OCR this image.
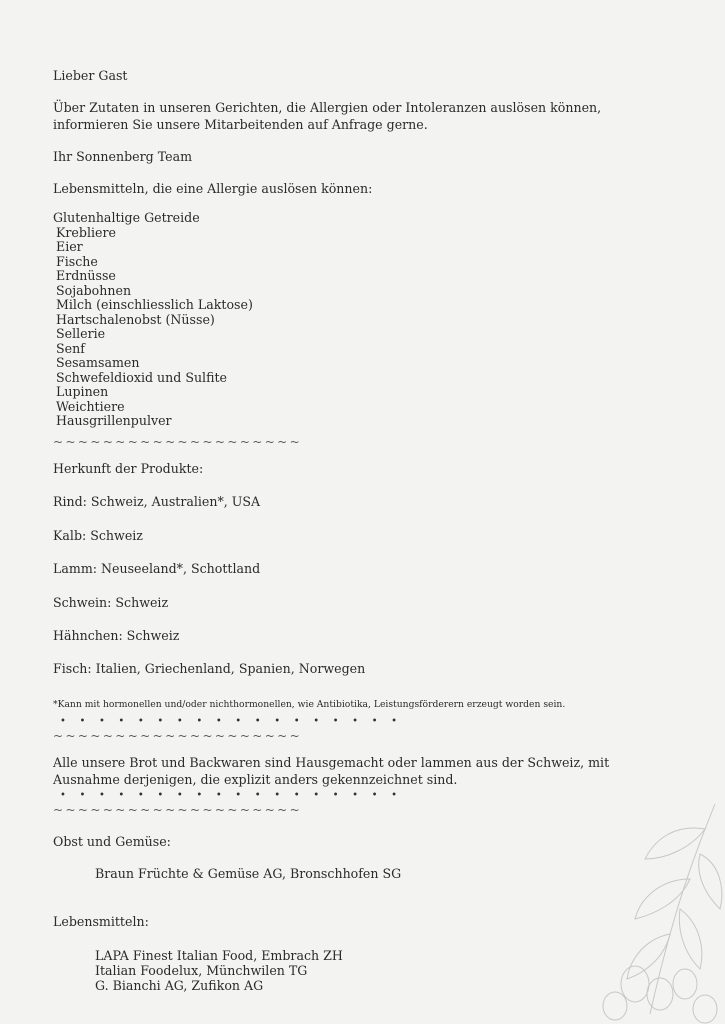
Lieber Gast
Über Zutaten in unseren Gerichten, die Allergien oder Intoleranzen auslösen können,
informieren Sie unsere Mitarbeitenden auf Anfrage gerne.
Ihr Sonnenberg Team
Lebensmitteln, die eine Allergie auslösen können:
Glutenhaltige Getreide
Krebliere
Eier
Fische
Erdnüsse
Sojabohnen
Milch (einschliesslich Laktose)
Hartschalenobst (Nüsse)
Sellerie
Senf
Sesamsamen
Schwefeldioxid und Sulfite
Lupinen
Weichtiere
Hausgrillenpulver
~~~~~~~~~~~~~~~~~~~~
Herkunft der Produkte:
Rind: Schweiz, Australien*, USA
Kalb: Schweiz
Lamm: Neuseeland*, Schottland
Schwein: Schweiz
Hähnchen: Schweiz
Fisch: Italien, Griechenland, Spanien, Norwegen
*Kann mit hormonellen und/oder nichthormonellen, wie Antibiotika, Leistungsförderern erzeugt worden sein.
• • • • • • • • • • • • • • • • • •
~~~~~~~~~~~~~~~~~~~~
Alle unsere Brot und Backwaren sind Hausgemacht oder lammen aus der Schweiz, mit
Ausnahme derjenigen, die explizit anders gekennzeichnet sind.
• • • • • • • • • • • • • • • • • •
~~~~~~~~~~~~~~~~~~~~
Obst und Gemüse:
Braun Früchte & Gemüse AG, Bronschhofen SG
Lebensmitteln:
LAPA Finest Italian Food, Embrach ZH
Italian Foodelux, Münchwilen TG
G. Bianchi AG, Zufikon AG
